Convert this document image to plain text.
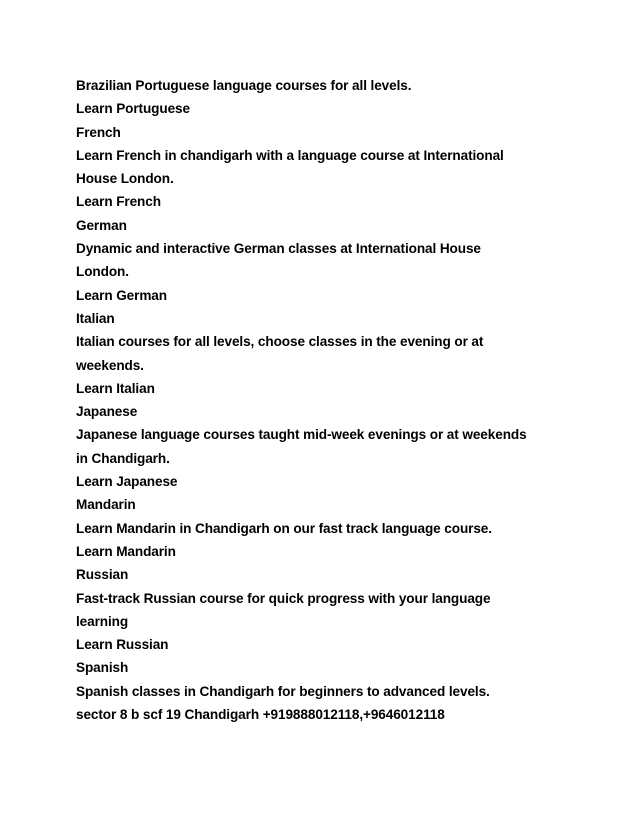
Brazilian Portuguese language courses for all levels.
Learn Portuguese
French
Learn French in chandigarh with a language course at International
House London.
Learn French
German
Dynamic and interactive German classes at International House
London.
Learn German
Italian
Italian courses for all levels, choose classes in the evening or at
weekends.
Learn Italian
Japanese
Japanese language courses taught mid-week evenings or at weekends
in Chandigarh.
Learn Japanese
Mandarin
Learn Mandarin in Chandigarh on our fast track language course.
Learn Mandarin
Russian
Fast-track Russian course for quick progress with your language
learning
Learn Russian
Spanish
Spanish classes in Chandigarh for beginners to advanced levels.
sector 8 b scf 19 Chandigarh +919888012118,+9646012118
